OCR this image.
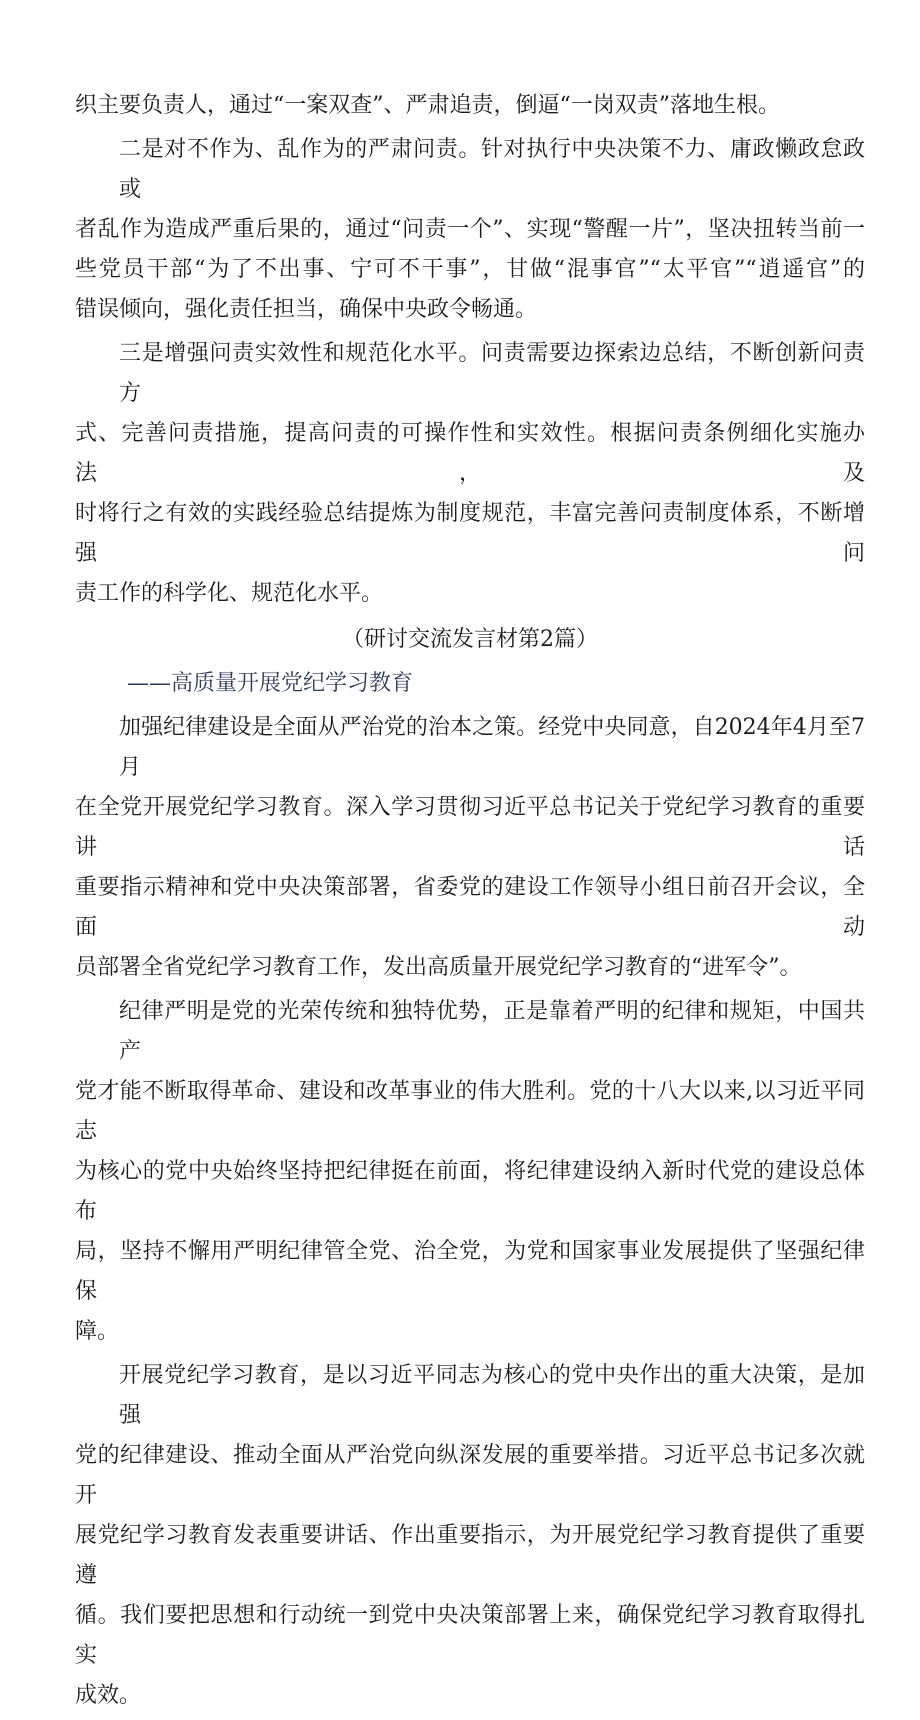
织主要负责人，通过“一案双查”、严肃追责，倒逼“一岗双责”落地生根。
二是对不作为、乱作为的严肃问责。针对执行中央决策不力、庸政懒政怠政或
者乱作为造成严重后果的，通过“问责一个”、实现“警醒一片”，坚决扭转当前一
些党员干部“为了不出事、宁可不干事”，甘做“混事官”“太平官”“逍遥官”的
错误倾向，强化责任担当，确保中央政令畅通。
三是增强问责实效性和规范化水平。问责需要边探索边总结，不断创新问责方
式、完善问责措施，提高问责的可操作性和实效性。根据问责条例细化实施办法，及
时将行之有效的实践经验总结提炼为制度规范，丰富完善问责制度体系，不断增强问
责工作的科学化、规范化水平。
（研讨交流发言材第2篇）
——高质量开展党纪学习教育
加强纪律建设是全面从严治党的治本之策。经党中央同意，自2024年4月至7月
在全党开展党纪学习教育。深入学习贯彻习近平总书记关于党纪学习教育的重要讲话
重要指示精神和党中央决策部署，省委党的建设工作领导小组日前召开会议，全面动
员部署全省党纪学习教育工作，发出高质量开展党纪学习教育的“进军令”。
纪律严明是党的光荣传统和独特优势，正是靠着严明的纪律和规矩，中国共产
党才能不断取得革命、建设和改革事业的伟大胜利。党的十八大以来,以习近平同志
为核心的党中央始终坚持把纪律挺在前面，将纪律建设纳入新时代党的建设总体布
局，坚持不懈用严明纪律管全党、治全党，为党和国家事业发展提供了坚强纪律保
障。
开展党纪学习教育，是以习近平同志为核心的党中央作出的重大决策，是加强
党的纪律建设、推动全面从严治党向纵深发展的重要举措。习近平总书记多次就开
展党纪学习教育发表重要讲话、作出重要指示，为开展党纪学习教育提供了重要遵
循。我们要把思想和行动统一到党中央决策部署上来，确保党纪学习教育取得扎实
成效。
